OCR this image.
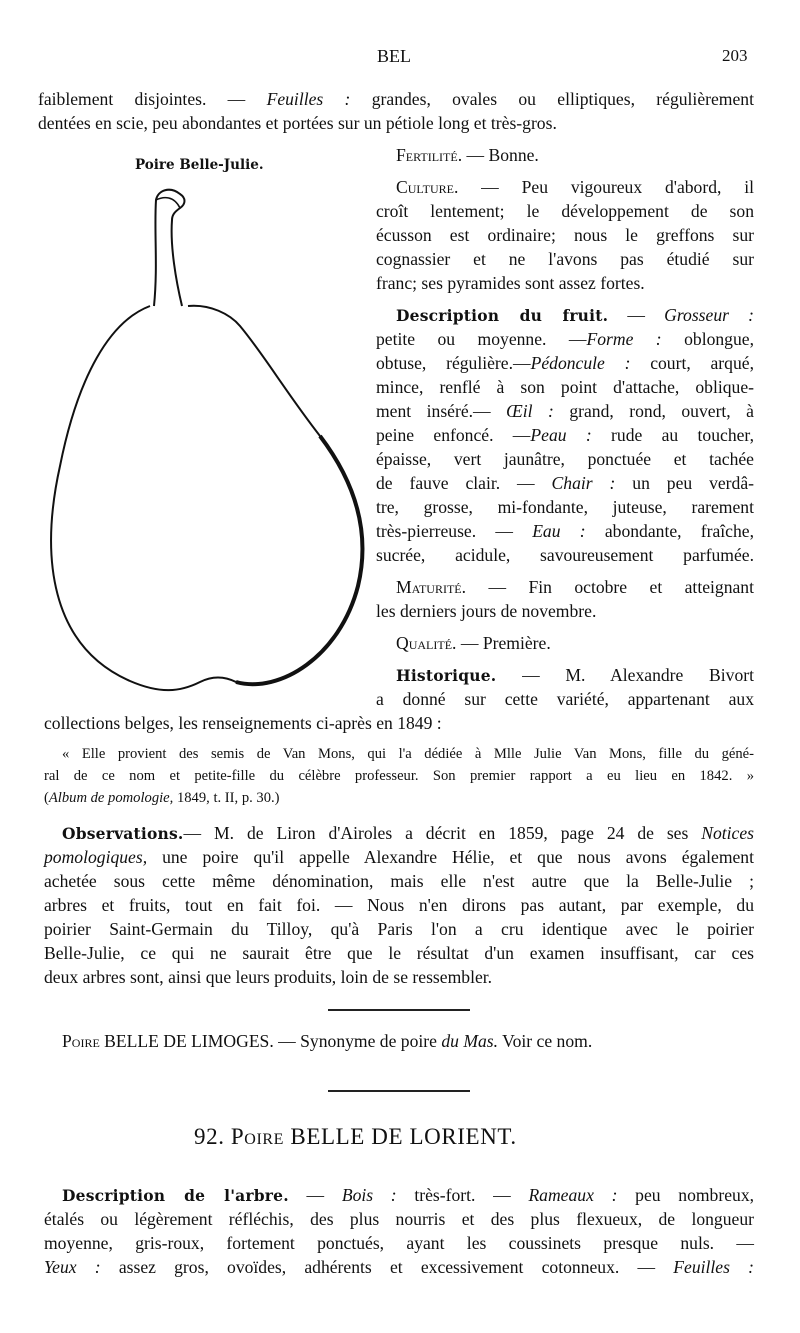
BEL	203
faiblement disjointes. — Feuilles : grandes, ovales ou elliptiques, régulièrement
dentées en scie, peu abondantes et portées sur un pétiole long et très-gros.
Poire Belle-Julie.	Fertilité. — Bonne.
Culture. — Peu vigoureux d'abord, il
croît lentement; le développement de son
écusson est ordinaire; nous le greffons sur
cognassier et ne l'avons pas étudié sur
franc; ses pyramides sont assez fortes.
Description du fruit. — Grosseur :
petite ou moyenne. —Forme : oblongue,
obtuse, régulière.—Pédoncule : court, arqué,
mince, renflé à son point d'attache, oblique-
ment inséré.— Œil : grand, rond, ouvert, à
peine enfoncé. —Peau : rude au toucher,
épaisse, vert jaunâtre, ponctuée et tachée
de fauve clair. — Chair : un peu verdâ-
tre, grosse, mi-fondante, juteuse, rarement
très-pierreuse. — Eau : abondante, fraîche,
sucrée, acidule, savoureusement parfumée.
Maturité. — Fin octobre et atteignant
les derniers jours de novembre.
Qualité. — Première.
Historique. — M. Alexandre Bivort
a donné sur cette variété, appartenant aux
collections belges, les renseignements ci-après en 1849 :
« Elle provient des semis de Van Mons, qui l'a dédiée à Mlle Julie Van Mons, fille du géné-
ral de ce nom et petite-fille du célèbre professeur. Son premier rapport a eu lieu en 1842. »
(Album de pomologie, 1849, t. II, p. 30.)
Observations.— M. de Liron d'Airoles a décrit en 1859, page 24 de ses Notices
pomologiques, une poire qu'il appelle Alexandre Hélie, et que nous avons également
achetée sous cette même dénomination, mais elle n'est autre que la Belle-Julie ;
arbres et fruits, tout en fait foi. — Nous n'en dirons pas autant, par exemple, du
poirier Saint-Germain du Tilloy, qu'à Paris l'on a cru identique avec le poirier
Belle-Julie, ce qui ne saurait être que le résultat d'un examen insuffisant, car ces
deux arbres sont, ainsi que leurs produits, loin de se ressembler.
Poire BELLE DE LIMOGES. — Synonyme de poire du Mas. Voir ce nom.
92. Poire BELLE DE LORIENT.
Description de l'arbre. — Bois : très-fort. — Rameaux : peu nombreux,
étalés ou légèrement réfléchis, des plus nourris et des plus flexueux, de longueur
moyenne, gris-roux, fortement ponctués, ayant les coussinets presque nuls. —
Yeux : assez gros, ovoïdes, adhérents et excessivement cotonneux. — Feuilles :
